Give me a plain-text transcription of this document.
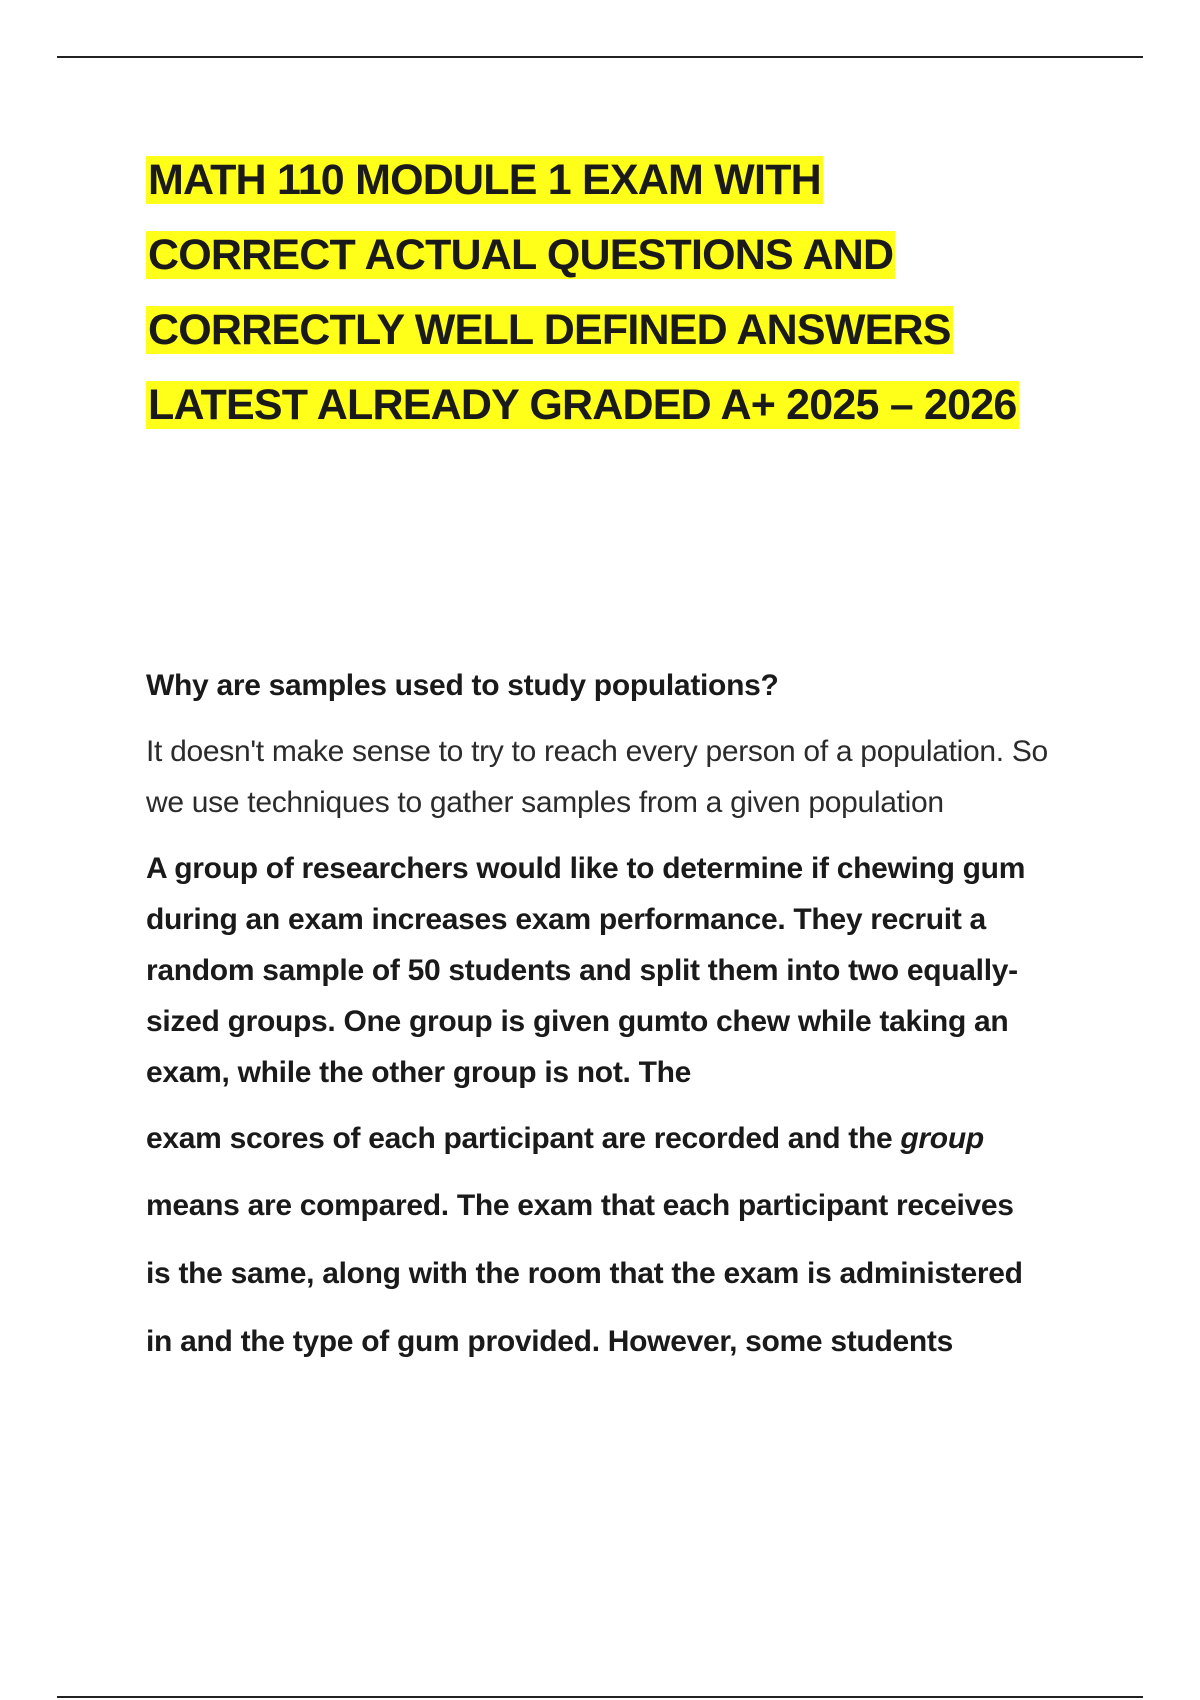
MATH 110 MODULE 1 EXAM WITH
CORRECT ACTUAL QUESTIONS AND
CORRECTLY WELL DEFINED ANSWERS
LATEST ALREADY GRADED A+ 2025 – 2026

Why are samples used to study populations?

It doesn't make sense to try to reach every person of a population. So we use techniques to gather samples from a given population

A group of researchers would like to determine if chewing gum during an exam increases exam performance. They recruit a random sample of 50 students and split them into two equally-sized groups. One group is given gumto chew while taking an exam, while the other group is not. The

exam scores of each participant are recorded and the group

means are compared. The exam that each participant receives

is the same, along with the room that the exam is administered

in and the type of gum provided. However, some students
